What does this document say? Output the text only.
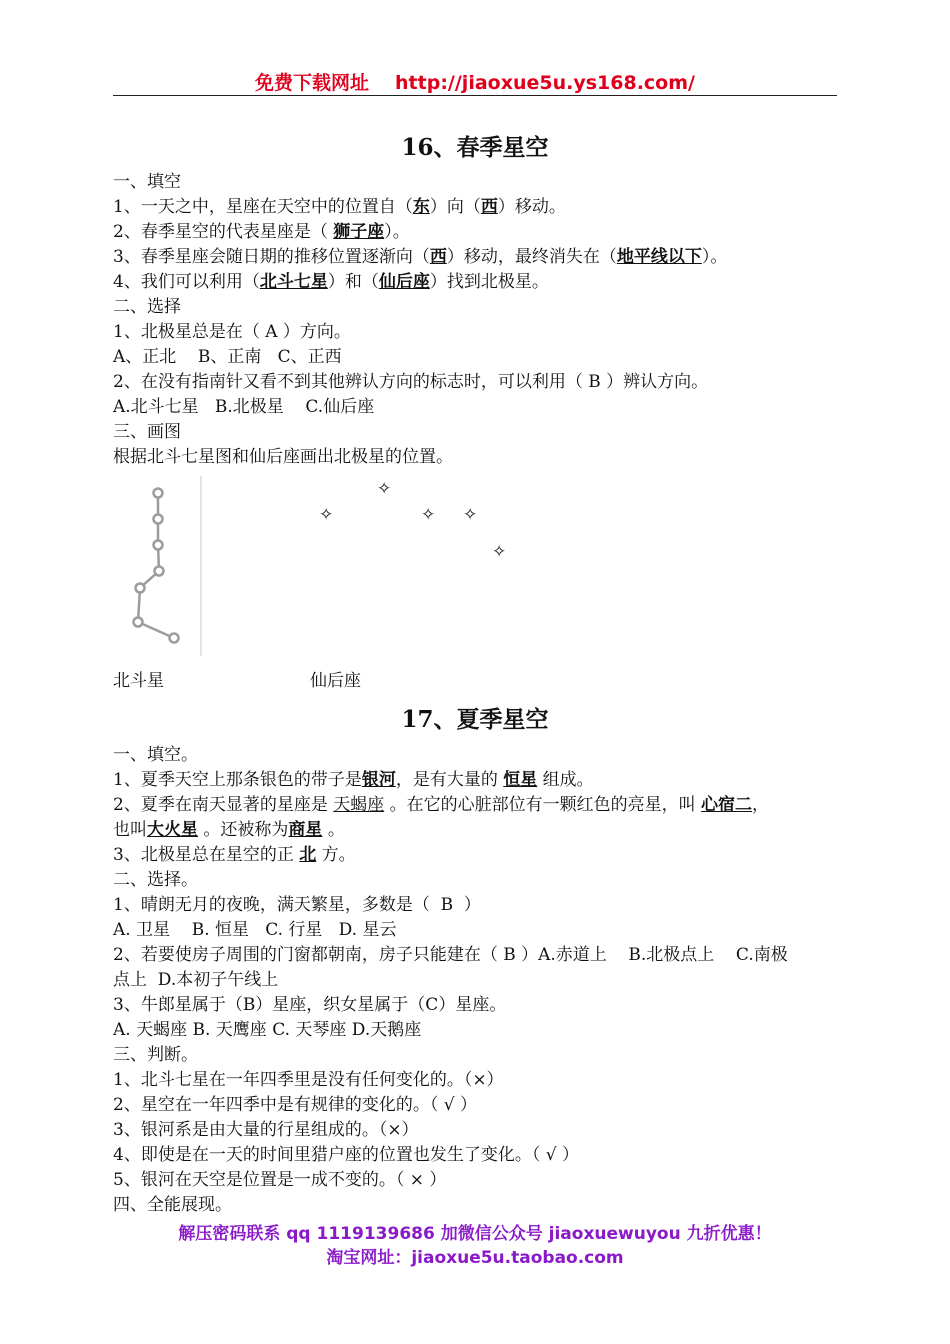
免费下载网址 http://jiaoxue5u.ys168.com/
16、春季星空
一、填空
1、一天之中，星座在天空中的位置自（东）向（西）移动。
2、春季星空的代表星座是（ 狮子座）。
3、春季星座会随日期的推移位置逐渐向（西）移动，最终消失在（地平线以下）。
4、我们可以利用（北斗七星）和（仙后座）找到北极星。
二、选择
1、北极星总是在（ A ）方向。
A、正北    B、正南   C、正西
2、在没有指南针又看不到其他辨认方向的标志时，可以利用（ B ）辨认方向。
A.北斗七星   B.北极星    C.仙后座
三、画图
根据北斗七星图和仙后座画出北极星的位置。
✧
✧	✧ ✧
✧
北斗星	仙后座
17、夏季星空
一、填空。
1、夏季天空上那条银色的带子是银河，是有大量的 恒星 组成。
2、夏季在南天显著的星座是 天蝎座 。在它的心脏部位有一颗红色的亮星，叫 心宿二，
也叫大火星 。还被称为商星 。
3、北极星总在星空的正 北 方。
二、选择。
1、晴朗无月的夜晚，满天繁星，多数是（  B  ）
A. 卫星    B. 恒星   C. 行星   D. 星云
2、若要使房子周围的门窗都朝南，房子只能建在（ B ）A.赤道上    B.北极点上    C.南极
点上  D.本初子午线上
3、牛郎星属于（B）星座，织女星属于（C）星座。
A. 天蝎座 B. 天鹰座 C. 天琴座 D.天鹅座
三、判断。
1、北斗七星在一年四季里是没有任何变化的。（×）
2、星空在一年四季中是有规律的变化的。（ √ ）
3、银河系是由大量的行星组成的。（×）
4、即使是在一天的时间里猎户座的位置也发生了变化。（ √ ）
5、银河在天空是位置是一成不变的。（ × ）
四、全能展现。
解压密码联系 qq 1119139686 加微信公众号 jiaoxuewuyou 九折优惠！
淘宝网址：jiaoxue5u.taobao.com
